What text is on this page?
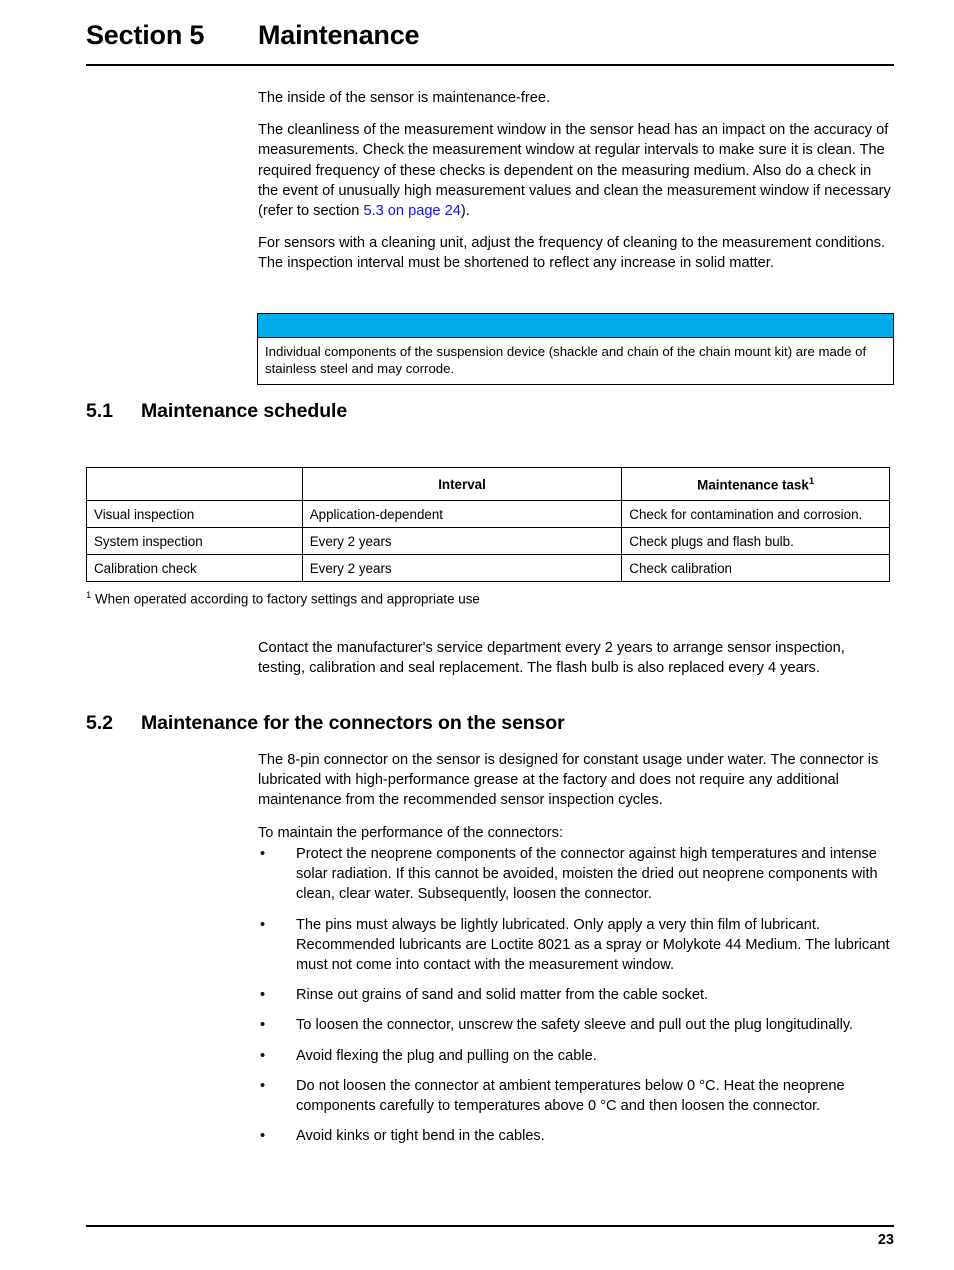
Section 5	Maintenance

The inside of the sensor is maintenance-free.

The cleanliness of the measurement window in the sensor head has an impact on the accuracy of measurements. Check the measurement window at regular intervals to make sure it is clean. The required frequency of these checks is dependent on the measuring medium. Also do a check in the event of unusually high measurement values and clean the measurement window if necessary (refer to section 5.3 on page 24).

For sensors with a cleaning unit, adjust the frequency of cleaning to the measurement conditions. The inspection interval must be shortened to reflect any increase in solid matter.

Individual components of the suspension device (shackle and chain of the chain mount kit) are made of stainless steel and may corrode.
5.1 Maintenance schedule
	Interval	Maintenance task$^1$
Visual inspection	Application-dependent	Check for contamination and corrosion.
System inspection	Every 2 years	Check plugs and flash bulb.
Calibration check	Every 2 years	Check calibration
$^1$ When operated according to factory settings and appropriate use

Contact the manufacturer's service department every 2 years to arrange sensor inspection, testing, calibration and seal replacement. The flash bulb is also replaced every 4 years.

5.2 Maintenance for the connectors on the sensor

The 8-pin connector on the sensor is designed for constant usage under water. The connector is lubricated with high-performance grease at the factory and does not require any additional maintenance from the recommended sensor inspection cycles.

To maintain the performance of the connectors:

• Protect the neoprene components of the connector against high temperatures and intense solar radiation. If this cannot be avoided, moisten the dried out neoprene components with clean, clear water. Subsequently, loosen the connector.
• The pins must always be lightly lubricated. Only apply a very thin film of lubricant. Recommended lubricants are Loctite 8021 as a spray or Molykote 44 Medium. The lubricant must not come into contact with the measurement window.
• Rinse out grains of sand and solid matter from the cable socket.
• To loosen the connector, unscrew the safety sleeve and pull out the plug longitudinally.
• Avoid flexing the plug and pulling on the cable.
• Do not loosen the connector at ambient temperatures below 0 °C. Heat the neoprene components carefully to temperatures above 0 °C and then loosen the connector.
• Avoid kinks or tight bend in the cables.
23
